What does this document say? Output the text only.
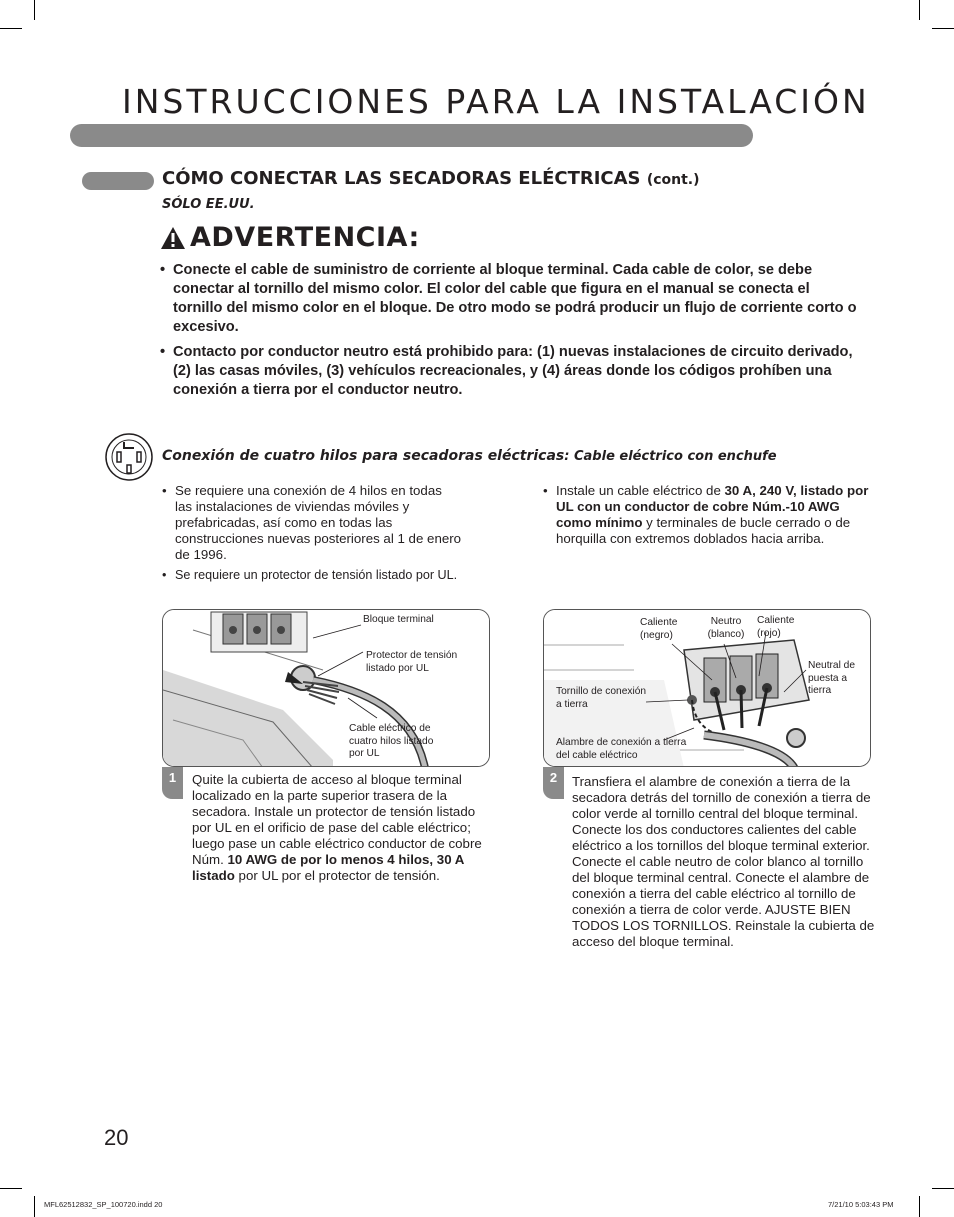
INSTRUCCIONES PARA LA INSTALACIÓN
CÓMO CONECTAR LAS SECADORAS ELÉCTRICAS (cont.)
SÓLO EE.UU.
ADVERTENCIA:
• Conecte el cable de suministro de corriente al bloque terminal. Cada cable de color, se debe conectar al tornillo del mismo color. El color del cable que figura en el manual se conecta el tornillo del mismo color en el bloque. De otro modo se podrá producir un flujo de corriente corto o excesivo.
• Contacto por conductor neutro está prohibido para: (1) nuevas instalaciones de circuito derivado, (2) las casas móviles, (3) vehículos recreacionales, y (4) áreas donde los códigos prohíben una conexión a tierra por el conductor neutro.
Conexión de cuatro hilos para secadoras eléctricas: Cable eléctrico con enchufe
• Se requiere una conexión de 4 hilos en todas las instalaciones de viviendas móviles y prefabricadas, así como en todas las construcciones nuevas posteriores al 1 de enero de 1996.
• Se requiere un protector de tensión listado por UL.
• Instale un cable eléctrico de 30 A, 240 V, listado por UL con un conductor de cobre Núm.-10 AWG como mínimo y terminales de bucle cerrado o de horquilla con extremos doblados hacia arriba.
Bloque terminal
Protector de tensión listado por UL
Cable eléctrico de cuatro hilos listado por UL
1	Quite la cubierta de acceso al bloque terminal localizado en la parte superior trasera de la secadora. Instale un protector de tensión listado por UL en el orificio de pase del cable eléctrico; luego pase un cable eléctrico conductor de cobre Núm. 10 AWG de por lo menos 4 hilos, 30 A listado por UL por el protector de tensión.
Caliente (negro)
Neutro (blanco)
Caliente (rojo)
Neutral de puesta a tierra
Tornillo de conexión a tierra
Alambre de conexión a tierra del cable eléctrico
2	Transfiera el alambre de conexión a tierra de la secadora detrás del tornillo de conexión a tierra de color verde al tornillo central del bloque terminal. Conecte los dos conductores calientes del cable eléctrico a los tornillos del bloque terminal exterior. Conecte el cable neutro de color blanco al tornillo del bloque terminal central. Conecte el alambre de conexión a tierra del cable eléctrico al tornillo de conexión a tierra de color verde. AJUSTE BIEN TODOS LOS TORNILLOS. Reinstale la cubierta de acceso del bloque terminal.
20
MFL62512832_SP_100720.indd 20	7/21/10 5:03:43 PM
